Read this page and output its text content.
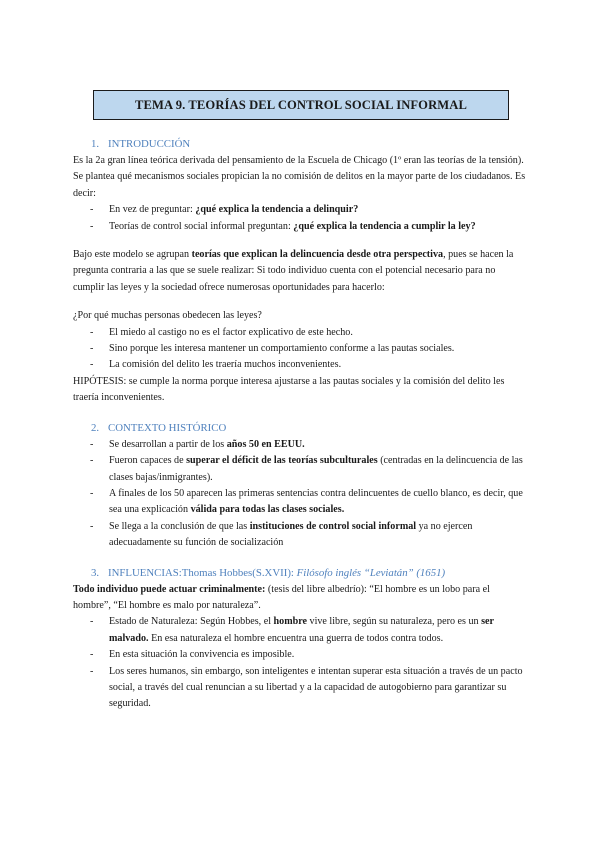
TEMA 9. TEORÍAS DEL CONTROL SOCIAL INFORMAL
1. INTRODUCCIÓN

Es la 2a gran línea teórica derivada del pensamiento de la Escuela de Chicago (1º eran las teorías de la tensión).

Se plantea qué mecanismos sociales propician la no comisión de delitos en la mayor parte de los ciudadanos. Es decir:

- En vez de preguntar: ¿qué explica la tendencia a delinquir?
- Teorías de control social informal preguntan: ¿qué explica la tendencia a cumplir la ley?

Bajo este modelo se agrupan teorías que explican la delincuencia desde otra perspectiva, pues se hacen la pregunta contraria a las que se suele realizar: Si todo individuo cuenta con el potencial necesario para no cumplir las leyes y la sociedad ofrece numerosas oportunidades para hacerlo:

¿Por qué muchas personas obedecen las leyes?

- El miedo al castigo no es el factor explicativo de este hecho.
- Sino porque les interesa mantener un comportamiento conforme a las pautas sociales.
- La comisión del delito les traería muchos inconvenientes.

HIPÓTESIS: se cumple la norma porque interesa ajustarse a las pautas sociales y la comisión del delito les traería inconvenientes.

2. CONTEXTO HISTÓRICO
- Se desarrollan a partir de los años 50 en EEUU.
- Fueron capaces de superar el déficit de las teorías subculturales (centradas en la delincuencia de las clases bajas/inmigrantes).
- A finales de los 50 aparecen las primeras sentencias contra delincuentes de cuello blanco, es decir, que sea una explicación válida para todas las clases sociales.
- Se llega a la conclusión de que las instituciones de control social informal ya no ejercen adecuadamente su función de socialización
3. INFLUENCIAS:Thomas Hobbes(S.XVII): Filósofo inglés “Leviatán” (1651)

Todo individuo puede actuar criminalmente: (tesis del libre albedrío): “El hombre es un lobo para el hombre”, “El hombre es malo por naturaleza”.

- Estado de Naturaleza: Según Hobbes, el hombre vive libre, según su naturaleza, pero es un ser malvado. En esa naturaleza el hombre encuentra una guerra de todos contra todos.
- En esta situación la convivencia es imposible.
- Los seres humanos, sin embargo, son inteligentes e intentan superar esta situación a través de un pacto social, a través del cual renuncian a su libertad y a la capacidad de autogobierno para garantizar su seguridad.
